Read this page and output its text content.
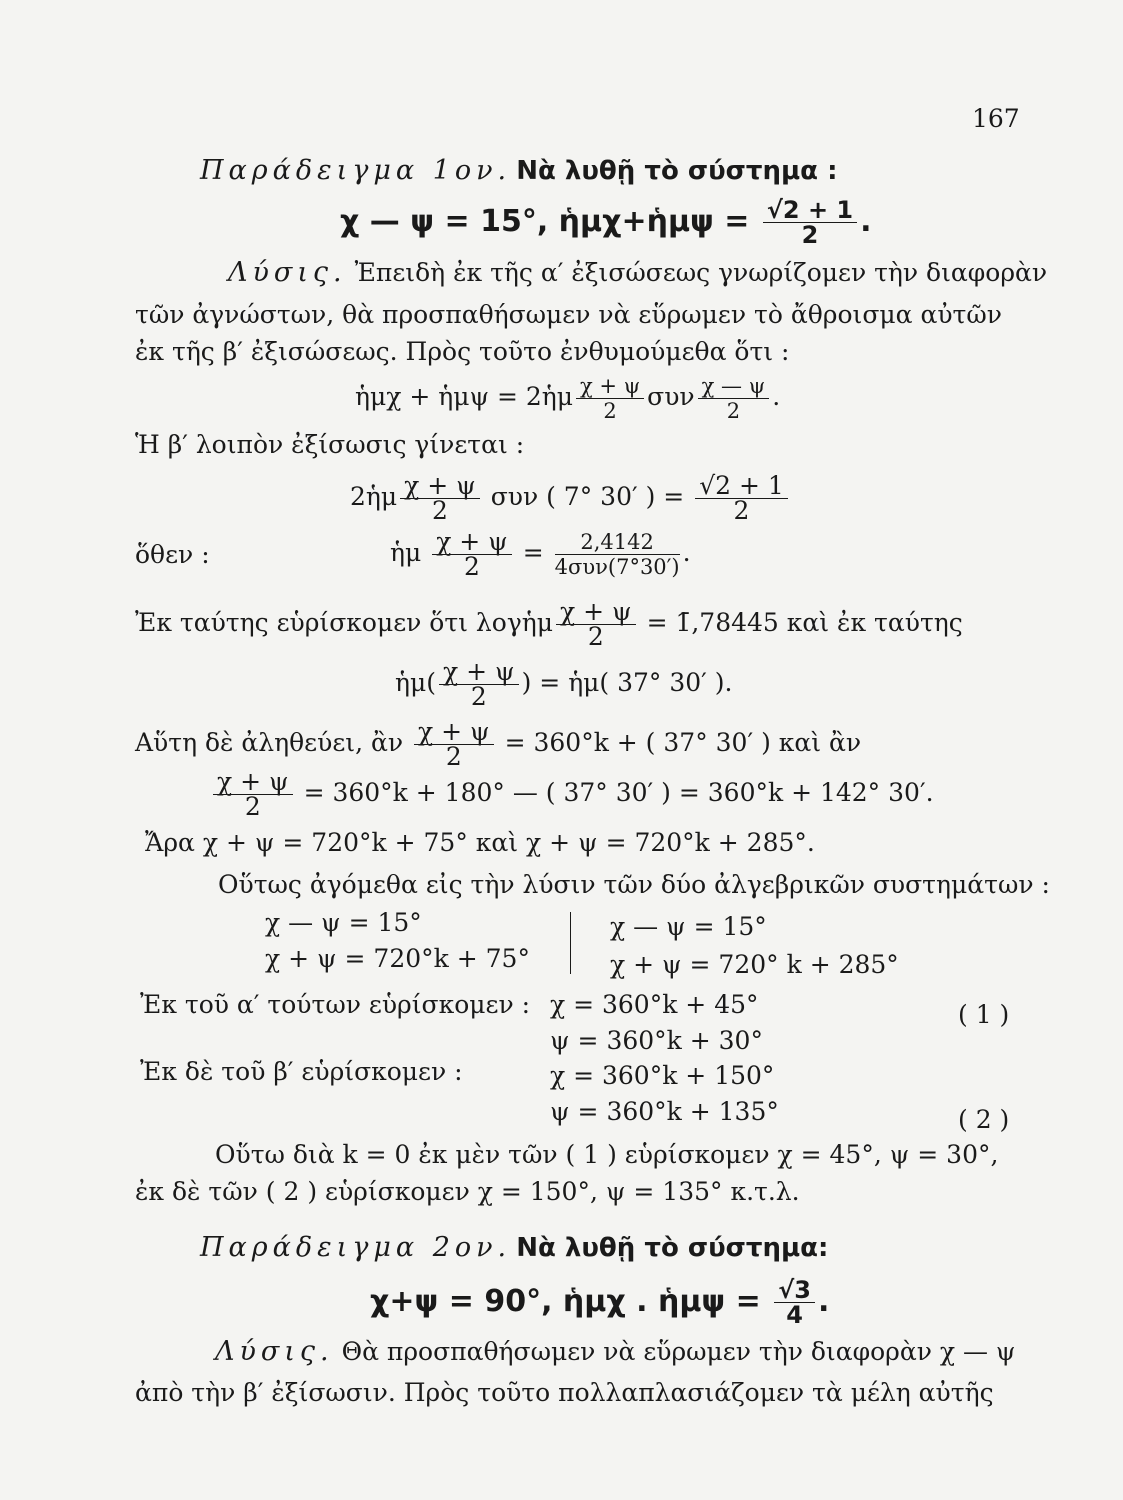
167
Παράδειγμα 1ον. Νὰ λυθῇ τὸ σύστημα :
χ — ψ = 15°, ἡμχ+ἡμψ = $\frac{√2 + 1}{2}$ .
Λύσις. Ἐπειδὴ ἐκ τῆς α′ ἐξισώσεως γνωρίζομεν τὴν διαφορὰν
τῶν ἀγνώστων, θὰ προσπαθήσωμεν νὰ εὕρωμεν τὸ ἄθροισμα αὐτῶν
ἐκ τῆς β′ ἐξισώσεως. Πρὸς τοῦτο ἐνθυμούμεθα ὅτι :
ἡμχ + ἡμψ = 2ἡμ $\frac{\chi + \psi}{2}$ συν $\frac{\chi — \psi}{2}$ .
Ἡ β′ λοιπὸν ἐξίσωσις γίνεται :
2ἡμ $\frac{\chi + \psi}{2}$ συν ( 7° 30′ ) = $\frac{√2 + 1}{2}$
ὅθεν :	ἡμ $\frac{\chi + \psi}{2} = \frac{2,4142}{\text{4συν(7°30′)}}$ .
Ἐκ ταύτης εὑρίσκομεν ὅτι λογἡμ $\frac{\chi + \psi}{2}$ = 1̄,78445 καὶ ἐκ ταύτης
ἡμ( $\frac{\chi + \psi}{2}$ ) = ἡμ( 37° 30′ ).
Αὕτη δὲ ἀληθεύει, ἂν $\frac{\chi + \psi}{2} = 360^\circ k$ + ( 37° 30′ ) καὶ ἂν
$\frac{\chi + \psi}{2} = 360^\circ k + 180^\circ$ — ( 37° 30′ ) = 360°k + 142° 30′.
Ἄρα χ + ψ = 720°k + 75° καὶ χ + ψ = 720°k + 285°.
Οὕτως ἀγόμεθα εἰς τὴν λύσιν τῶν δύο ἀλγεβρικῶν συστημάτων :
χ — ψ = 15°
χ + ψ = 720°k + 75°
χ — ψ = 15°
χ + ψ = 720° k + 285°
Ἐκ τοῦ α′ τούτων εὑρίσκομεν : χ = 360°k + 45°
ψ = 360°k + 30°
( 1 )
Ἐκ δὲ τοῦ β′ εὑρίσκομεν :	χ = 360°k + 150°
ψ = 360°k + 135°	( 2 )
Οὕτω διὰ k = 0 ἐκ μὲν τῶν ( 1 ) εὑρίσκομεν χ = 45°, ψ = 30°,
ἐκ δὲ τῶν ( 2 ) εὑρίσκομεν χ = 150°, ψ = 135° κ.τ.λ.
Παράδειγμα 2ον. Νὰ λυθῇ τὸ σύστημα:
χ+ψ = 90°, ἡμχ . ἡμψ = $\frac{√3}{4}$ .
Λύσις. Θὰ προσπαθήσωμεν νὰ εὕρωμεν τὴν διαφορὰν χ — ψ
ἀπὸ τὴν β′ ἐξίσωσιν. Πρὸς τοῦτο πολλαπλασιάζομεν τὰ μέλη αὐτῆς
